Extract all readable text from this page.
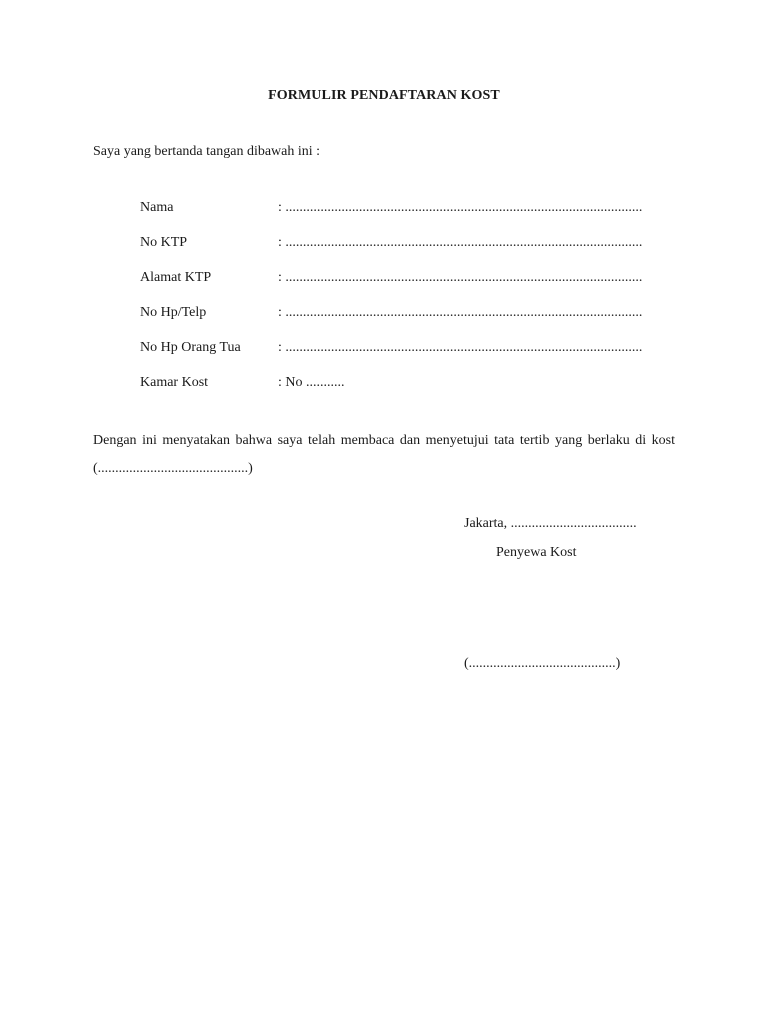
FORMULIR PENDAFTARAN KOST
Saya yang bertanda tangan dibawah ini :
Nama	: ......................................................................................................
No KTP	: ......................................................................................................
Alamat KTP	: ......................................................................................................
No Hp/Telp	: ......................................................................................................
No Hp Orang Tua	: ......................................................................................................
Kamar Kost	: No ...........
Dengan ini menyatakan bahwa saya telah membaca dan menyetujui tata tertib yang berlaku di kost (...........................................)
Jakarta, ....................................
Penyewa Kost
(..........................................)
